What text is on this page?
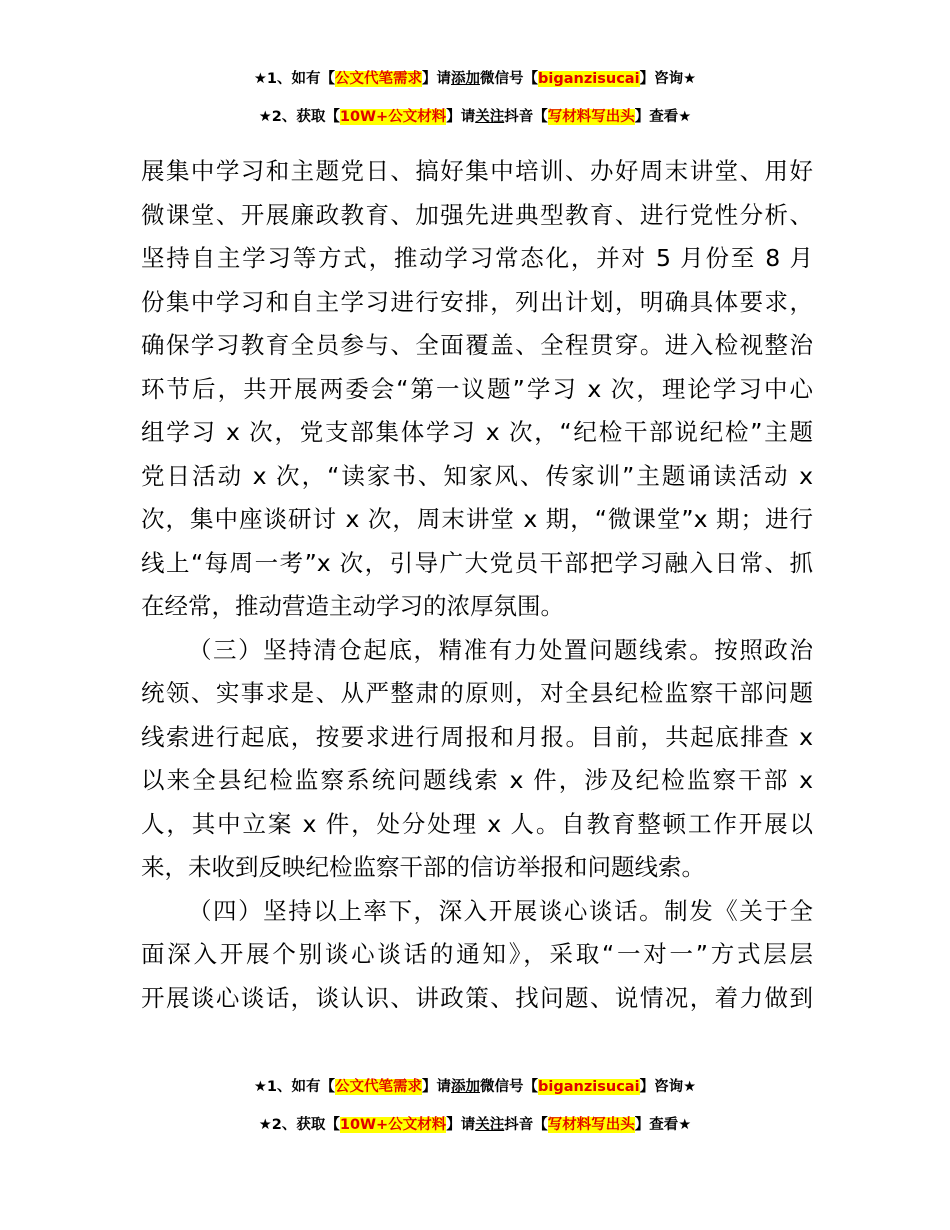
★1、如有【公文代笔需求】请添加微信号【biganzisucai】咨询★
★2、获取【10W+公文材料】请关注抖音【写材料写出头】查看★
展集中学习和主题党日、搞好集中培训、办好周末讲堂、用好
微课堂、开展廉政教育、加强先进典型教育、进行党性分析、
坚持自主学习等方式，推动学习常态化，并对 5 月份至 8 月
份集中学习和自主学习进行安排，列出计划，明确具体要求，
确保学习教育全员参与、全面覆盖、全程贯穿。进入检视整治
环节后，共开展两委会“第一议题”学习 x 次，理论学习中心
组学习 x 次，党支部集体学习 x 次，“纪检干部说纪检”主题
党日活动 x 次，“读家书、知家风、传家训”主题诵读活动 x
次，集中座谈研讨 x 次，周末讲堂 x 期，“微课堂”x 期；进行
线上“每周一考”x 次，引导广大党员干部把学习融入日常、抓
在经常，推动营造主动学习的浓厚氛围。
（三）坚持清仓起底，精准有力处置问题线索。按照政治
统领、实事求是、从严整肃的原则，对全县纪检监察干部问题
线索进行起底，按要求进行周报和月报。目前，共起底排查 x
以来全县纪检监察系统问题线索 x 件，涉及纪检监察干部 x
人，其中立案 x 件，处分处理 x 人。自教育整顿工作开展以
来，未收到反映纪检监察干部的信访举报和问题线索。
（四）坚持以上率下，深入开展谈心谈话。制发《关于全
面深入开展个别谈心谈话的通知》，采取“一对一”方式层层
开展谈心谈话，谈认识、讲政策、找问题、说情况，着力做到
★1、如有【公文代笔需求】请添加微信号【biganzisucai】咨询★
★2、获取【10W+公文材料】请关注抖音【写材料写出头】查看★
